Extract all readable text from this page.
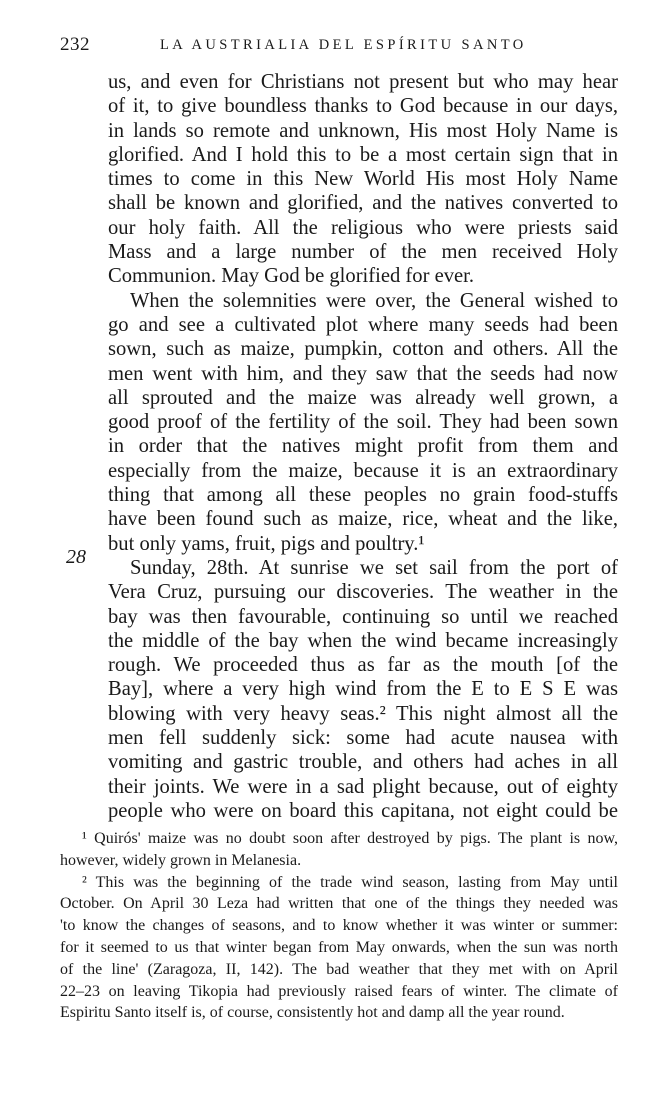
232	LA AUSTRIALIA DEL ESPÍRITU SANTO
28
us, and even for Christians not present but who may hear
of it, to give boundless thanks to God because in our days,
in lands so remote and unknown, His most Holy Name is
glorified. And I hold this to be a most certain sign that in
times to come in this New World His most Holy Name
shall be known and glorified, and the natives converted to
our holy faith. All the religious who were priests said
Mass and a large number of the men received Holy
Communion. May God be glorified for ever.
When the solemnities were over, the General wished to
go and see a cultivated plot where many seeds had been
sown, such as maize, pumpkin, cotton and others. All the
men went with him, and they saw that the seeds had now
all sprouted and the maize was already well grown, a
good proof of the fertility of the soil. They had been sown
in order that the natives might profit from them and
especially from the maize, because it is an extraordinary
thing that among all these peoples no grain food-stuffs
have been found such as maize, rice, wheat and the like,
but only yams, fruit, pigs and poultry.¹
Sunday, 28th. At sunrise we set sail from the port of
Vera Cruz, pursuing our discoveries. The weather in the
bay was then favourable, continuing so until we reached
the middle of the bay when the wind became increasingly
rough. We proceeded thus as far as the mouth [of the
Bay], where a very high wind from the E to E S E was
blowing with very heavy seas.² This night almost all the
men fell suddenly sick: some had acute nausea with
vomiting and gastric trouble, and others had aches in all
their joints. We were in a sad plight because, out of eighty
people who were on board this capitana, not eight could be
¹ Quirós' maize was no doubt soon after destroyed by pigs. The plant is now,
however, widely grown in Melanesia.
² This was the beginning of the trade wind season, lasting from May until
October. On April 30 Leza had written that one of the things they needed was
'to know the changes of seasons, and to know whether it was winter or summer:
for it seemed to us that winter began from May onwards, when the sun was north
of the line' (Zaragoza, II, 142). The bad weather that they met with on April
22–23 on leaving Tikopia had previously raised fears of winter. The climate of
Espiritu Santo itself is, of course, consistently hot and damp all the year round.
